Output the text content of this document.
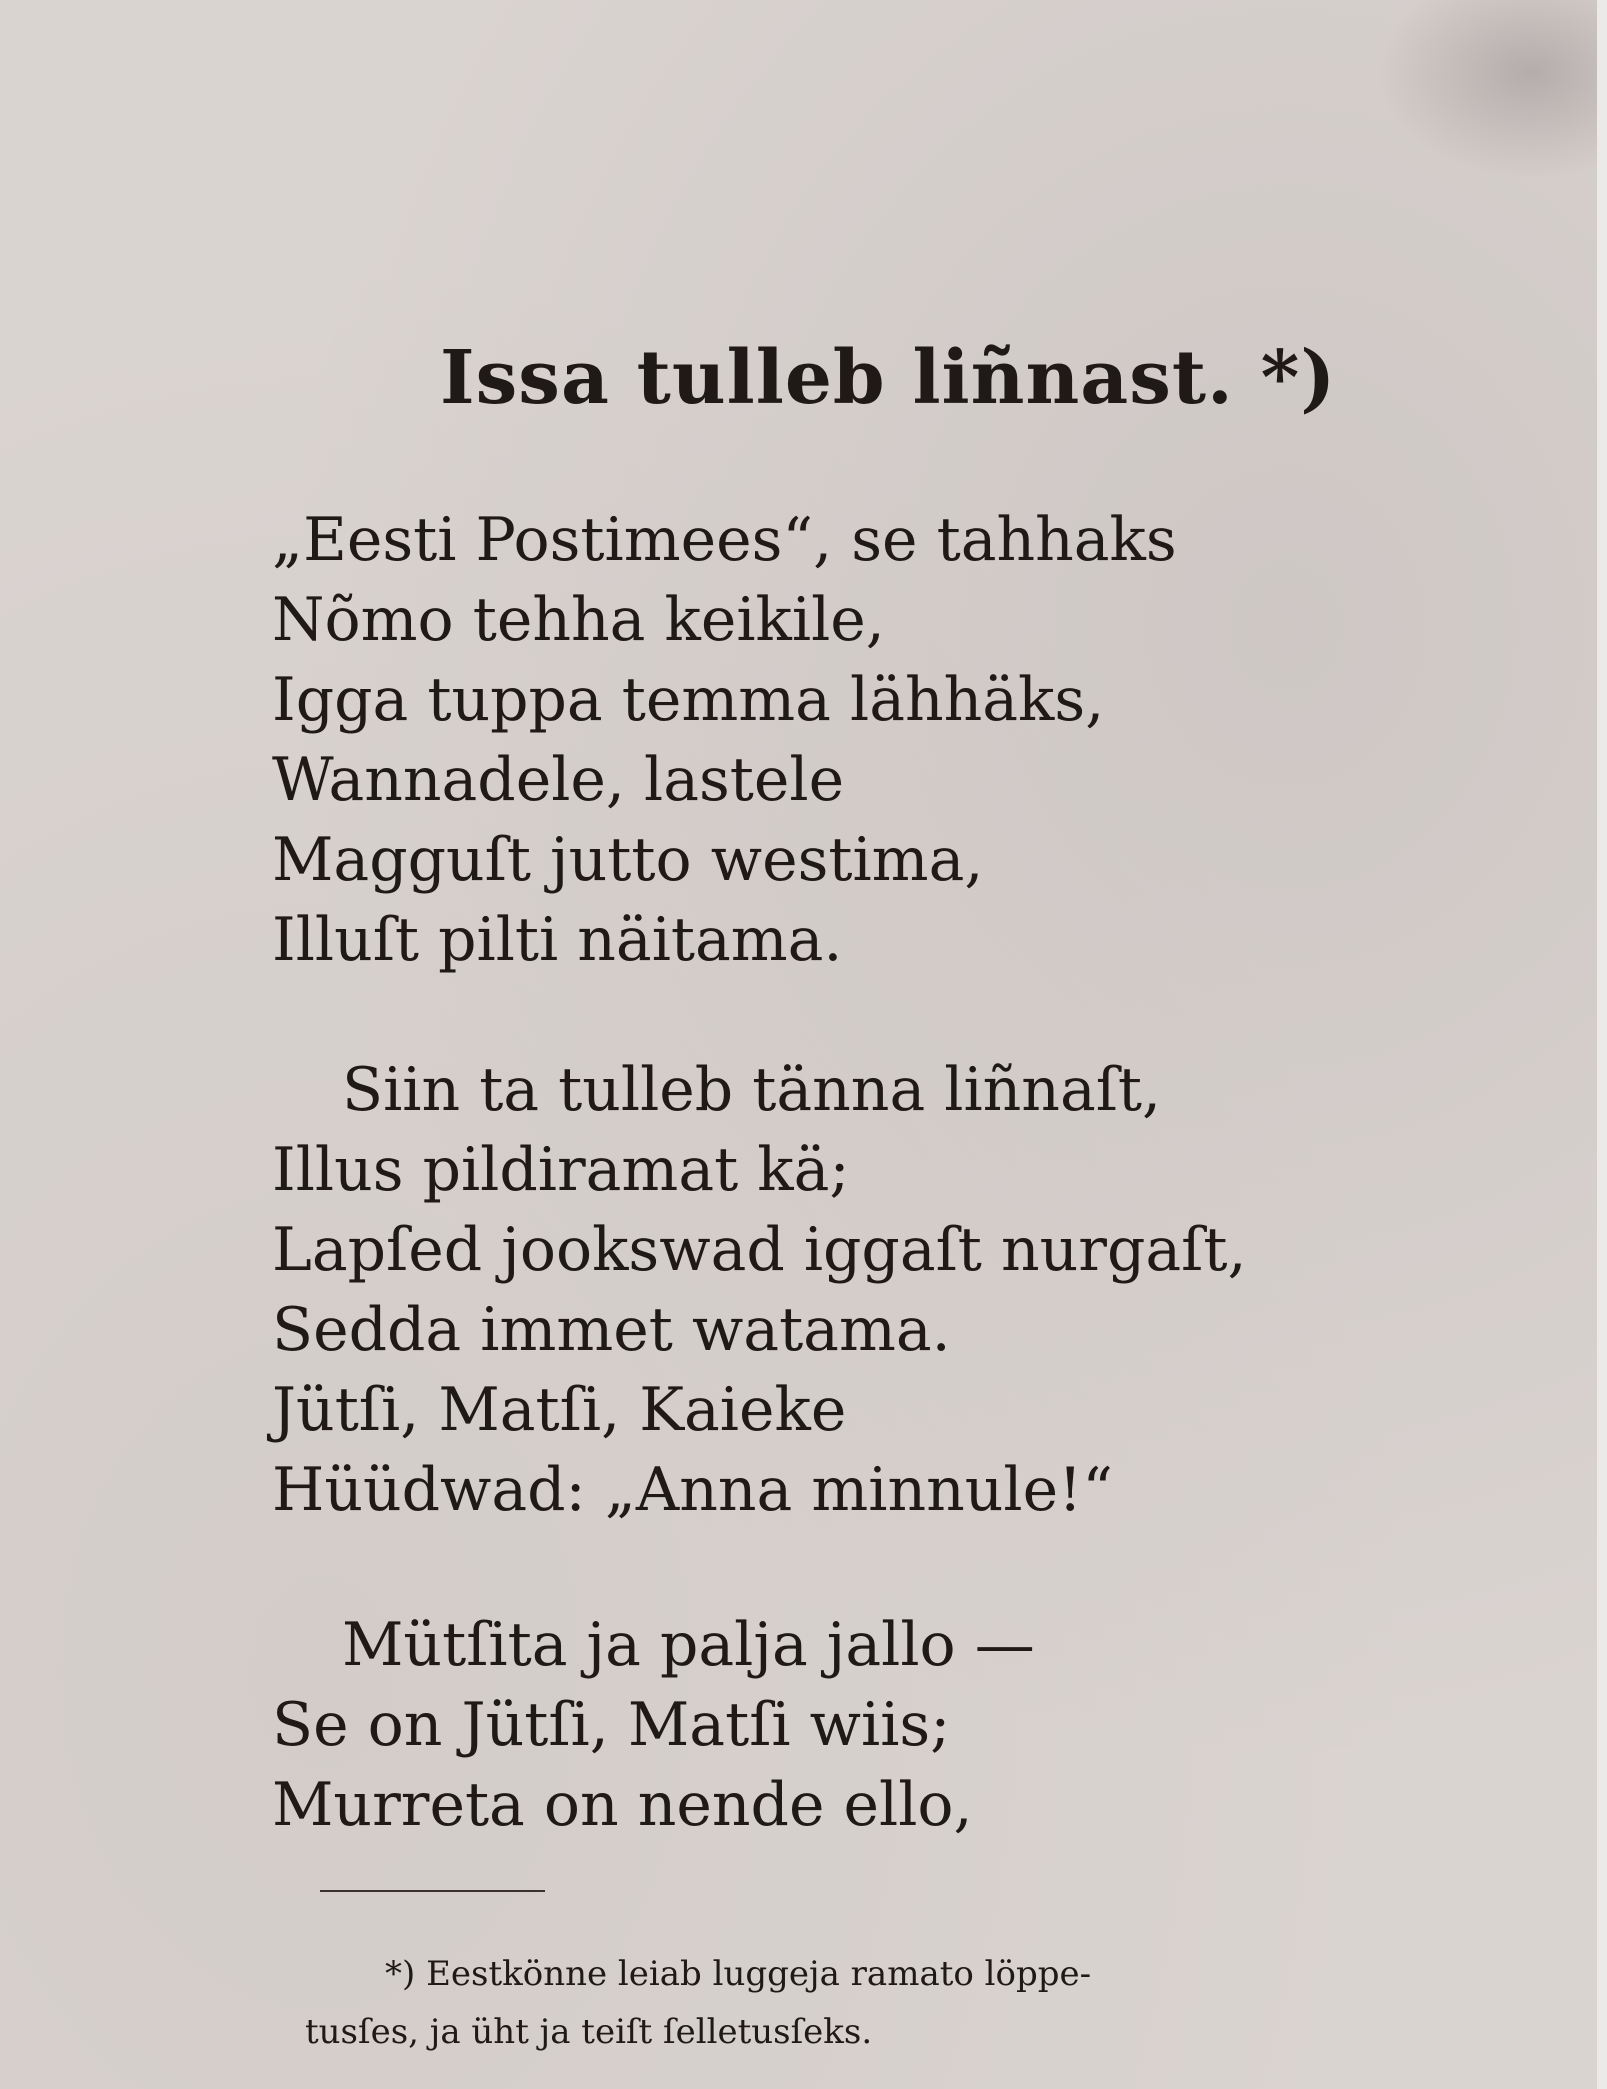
Issa tulleb liñnast. *)
„Eesti Postimees“, se tahhaks
Nõmo tehha keikile,
Igga tuppa temma lähhäks,
Wannadele, lastele
Magguſt jutto westima,
Illuſt pilti näitama.
Siin ta tulleb tänna liñnaſt,
Illus pildiramat kä;
Lapſed jookswad iggaſt nurgaſt,
Sedda immet watama.
Jütſi, Matſi, Kaieke
Hüüdwad: „Anna minnule!“
Mütſita ja palja jallo —
Se on Jütſi, Matſi wiis;
Murreta on nende ello,
*) Eestkönne leiab luggeja ramato löppe-
tusſes, ja üht ja teiſt ſelletusſeks.
